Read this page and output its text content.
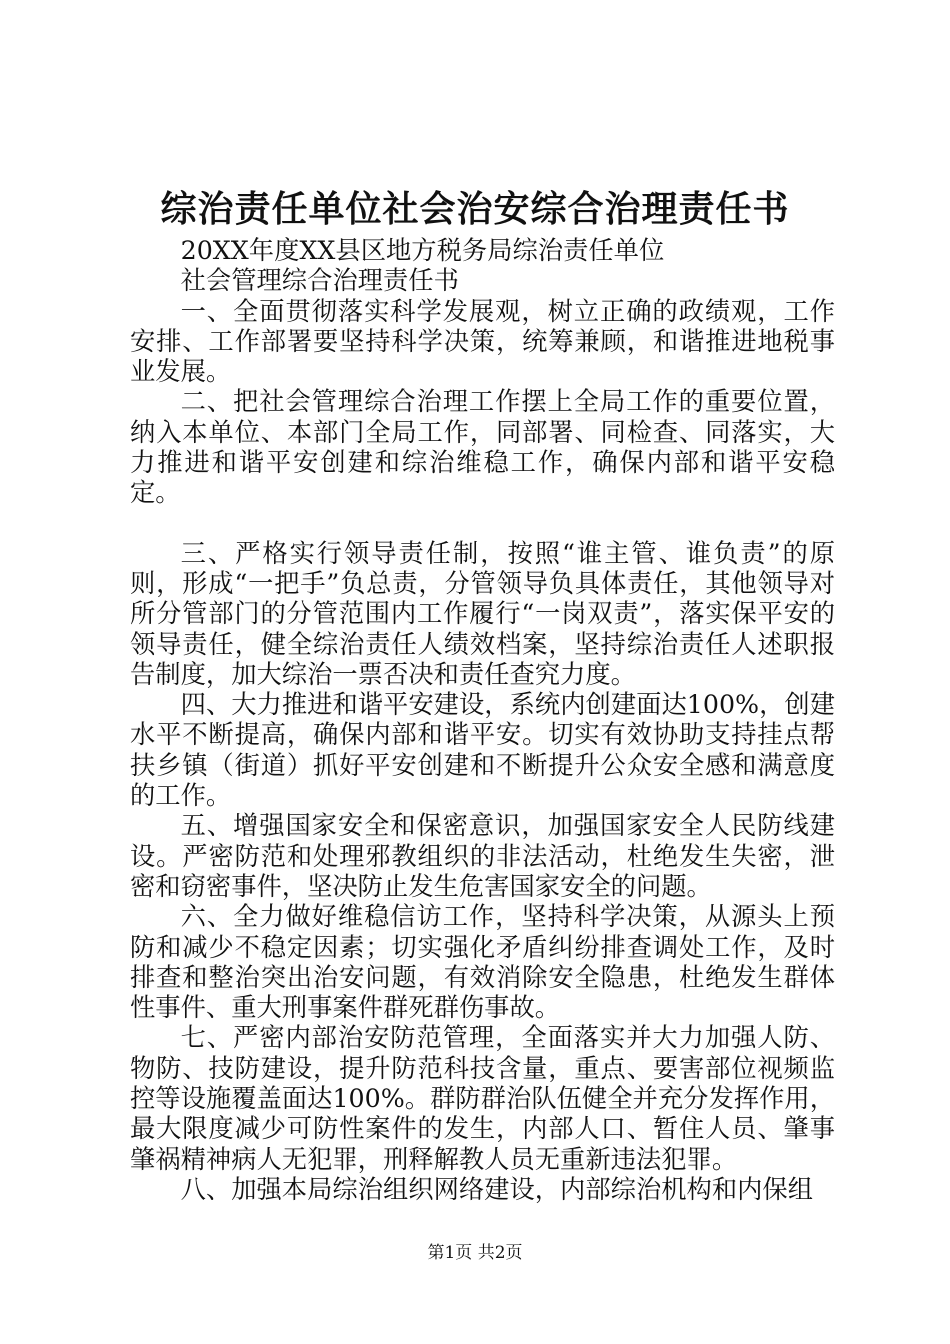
综治责任单位社会治安综合治理责任书

20XX年度XX县区地方税务局综治责任单位

社会管理综合治理责任书

一、全面贯彻落实科学发展观，树立正确的政绩观，工作安排、工作部署要坚持科学决策，统筹兼顾，和谐推进地税事业发展。

二、把社会管理综合治理工作摆上全局工作的重要位置，纳入本单位、本部门全局工作，同部署、同检查、同落实，大力推进和谐平安创建和综治维稳工作，确保内部和谐平安稳定。

三、严格实行领导责任制，按照“谁主管、谁负责”的原则，形成“一把手”负总责，分管领导负具体责任，其他领导对所分管部门的分管范围内工作履行“一岗双责”，落实保平安的领导责任，健全综治责任人绩效档案，坚持综治责任人述职报告制度，加大综治一票否决和责任查究力度。

四、大力推进和谐平安建设，系统内创建面达100%，创建水平不断提高，确保内部和谐平安。切实有效协助支持挂点帮扶乡镇（街道）抓好平安创建和不断提升公众安全感和满意度的工作。

五、增强国家安全和保密意识，加强国家安全人民防线建设。严密防范和处理邪教组织的非法活动，杜绝发生失密，泄密和窃密事件，坚决防止发生危害国家安全的问题。

六、全力做好维稳信访工作，坚持科学决策，从源头上预防和减少不稳定因素；切实强化矛盾纠纷排查调处工作，及时排查和整治突出治安问题，有效消除安全隐患，杜绝发生群体性事件、重大刑事案件群死群伤事故。

七、严密内部治安防范管理，全面落实并大力加强人防、物防、技防建设，提升防范科技含量，重点、要害部位视频监控等设施覆盖面达100%。群防群治队伍健全并充分发挥作用，最大限度减少可防性案件的发生，内部人口、暂住人员、肇事肇祸精神病人无犯罪，刑释解教人员无重新违法犯罪。

八、加强本局综治组织网络建设，内部综治机构和内保组

第1页 共2页
